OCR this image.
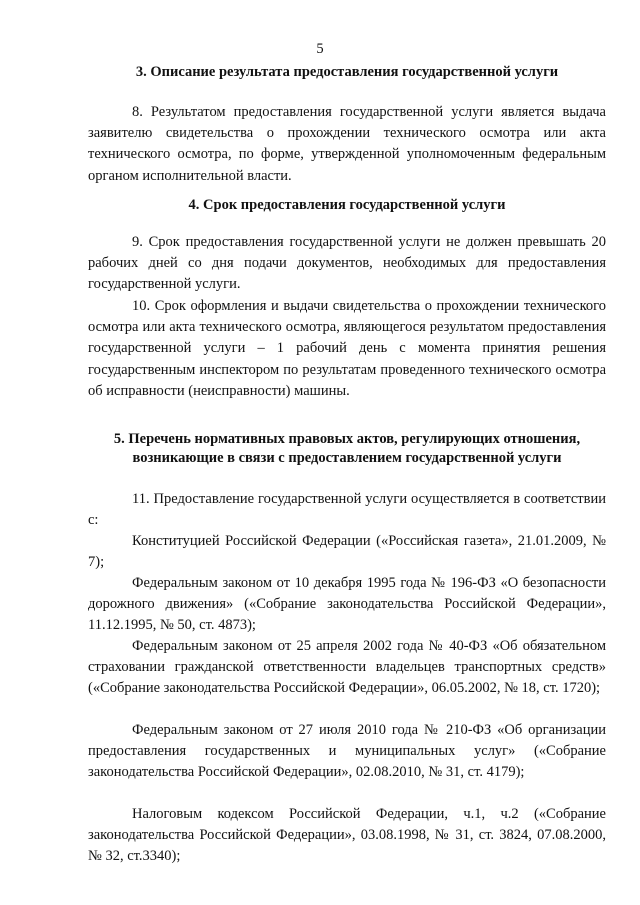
5
3. Описание результата предоставления государственной услуги
8. Результатом предоставления государственной услуги является выдача заявителю свидетельства о прохождении технического осмотра или акта технического осмотра, по форме, утвержденной уполномоченным федеральным органом исполнительной власти.
4. Срок предоставления государственной услуги
9. Срок предоставления государственной услуги не должен превышать 20 рабочих дней со дня подачи документов, необходимых для предоставления государственной услуги.
10. Срок оформления и выдачи свидетельства о прохождении технического осмотра или акта технического осмотра, являющегося результатом предоставления государственной услуги – 1 рабочий день с момента принятия решения государственным инспектором по результатам проведенного технического осмотра об исправности (неисправности) машины.
5. Перечень нормативных правовых актов, регулирующих отношения,
возникающие в связи с предоставлением государственной услуги
11. Предоставление государственной услуги осуществляется в соответствии с:
Конституцией Российской Федерации («Российская газета», 21.01.2009, № 7);
Федеральным законом от 10 декабря 1995 года № 196-ФЗ «О безопасности дорожного движения» («Собрание законодательства Российской Федерации», 11.12.1995, № 50, ст. 4873);
Федеральным законом от 25 апреля 2002 года № 40-ФЗ «Об обязательном страховании гражданской ответственности владельцев транспортных средств» («Собрание законодательства Российской Федерации», 06.05.2002, № 18, ст. 1720);
Федеральным законом от 27 июля 2010 года № 210-ФЗ «Об организации предоставления государственных и муниципальных услуг» («Собрание законодательства Российской Федерации», 02.08.2010, № 31, ст. 4179);
Налоговым кодексом Российской Федерации, ч.1, ч.2 («Собрание законодательства Российской Федерации», 03.08.1998, № 31, ст. 3824, 07.08.2000, № 32, ст.3340);
